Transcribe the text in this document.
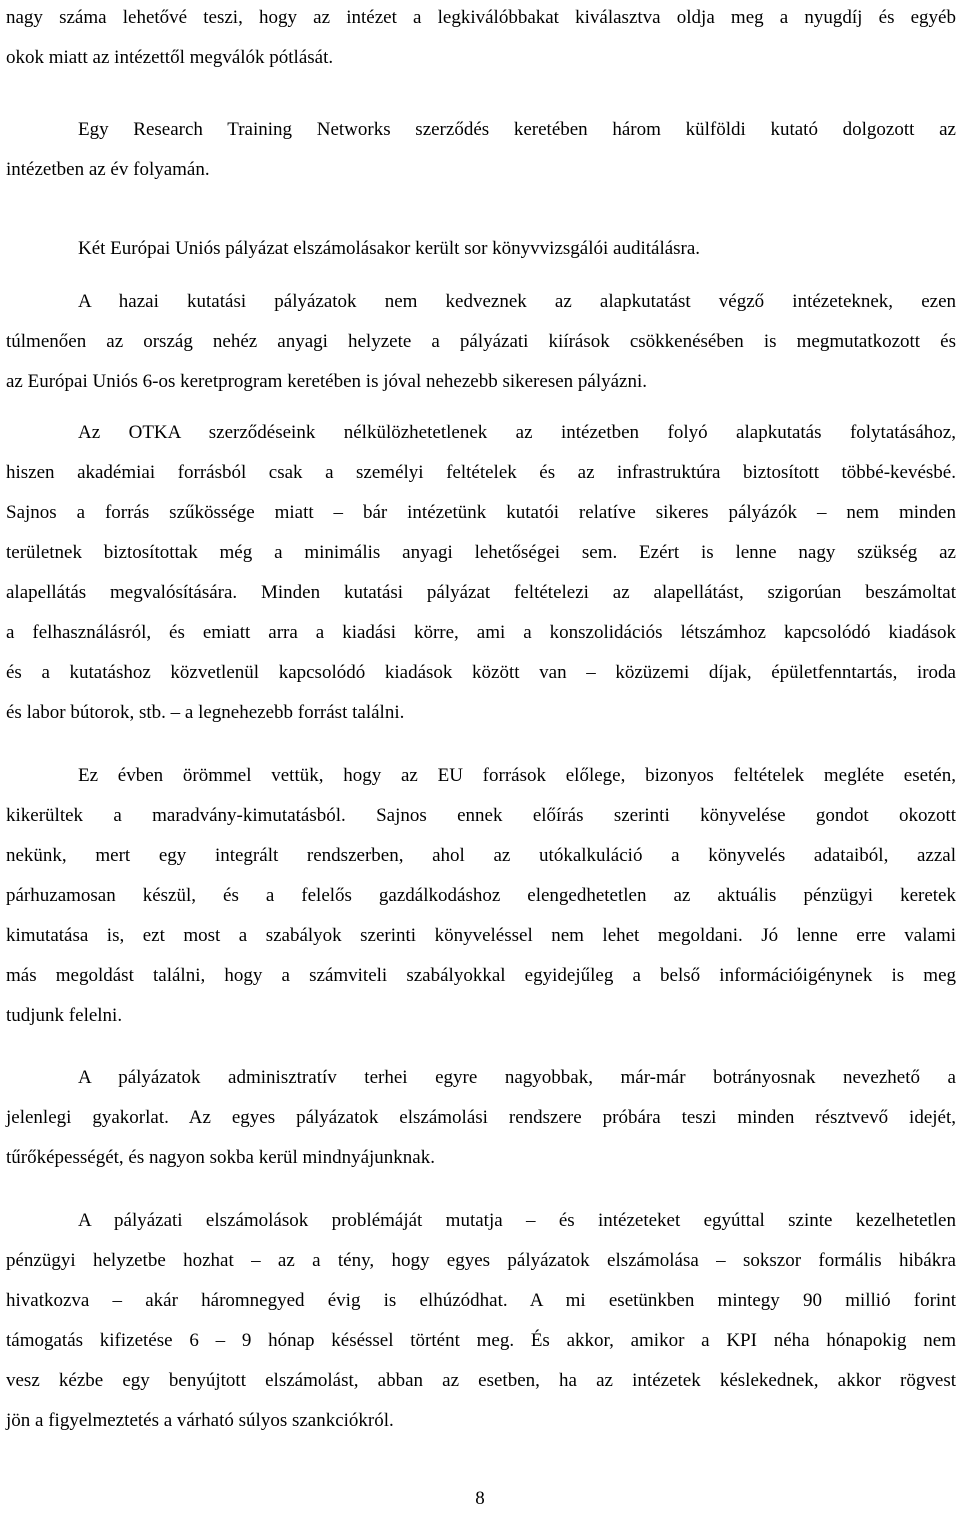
nagy száma lehetővé teszi, hogy az intézet a legkiválóbbakat kiválasztva oldja meg a nyugdíj és egyéb
okok miatt az intézettől megválók pótlását.
Egy Research Training Networks szerződés keretében három külföldi kutató dolgozott az
intézetben az év folyamán.
Két Európai Uniós pályázat elszámolásakor került sor könyvvizsgálói auditálásra.
A hazai kutatási pályázatok nem kedveznek az alapkutatást végző intézeteknek, ezen
túlmenően az ország nehéz anyagi helyzete a pályázati kiírások csökkenésében is megmutatkozott és
az Európai Uniós 6-os keretprogram keretében is jóval nehezebb sikeresen pályázni.
Az OTKA szerződéseink nélkülözhetetlenek az intézetben folyó alapkutatás folytatásához,
hiszen akadémiai forrásból csak a személyi feltételek és az infrastruktúra biztosított többé-kevésbé.
Sajnos a forrás szűkössége miatt – bár intézetünk kutatói relatíve sikeres pályázók – nem minden
területnek biztosítottak még a minimális anyagi lehetőségei sem. Ezért is lenne nagy szükség az
alapellátás megvalósítására. Minden kutatási pályázat feltételezi az alapellátást, szigorúan beszámoltat
a felhasználásról, és emiatt arra a kiadási körre, ami a konszolidációs létszámhoz kapcsolódó kiadások
és a kutatáshoz közvetlenül kapcsolódó kiadások között van – közüzemi díjak, épületfenntartás, iroda
és labor bútorok, stb. – a legnehezebb forrást találni.
Ez évben örömmel vettük, hogy az EU források előlege, bizonyos feltételek megléte esetén,
kikerültek a maradvány-kimutatásból. Sajnos ennek előírás szerinti könyvelése gondot okozott
nekünk, mert egy integrált rendszerben, ahol az utókalkuláció a könyvelés adataiból, azzal
párhuzamosan készül, és a felelős gazdálkodáshoz elengedhetetlen az aktuális pénzügyi keretek
kimutatása is, ezt most a szabályok szerinti könyveléssel nem lehet megoldani. Jó lenne erre valami
más megoldást találni, hogy a számviteli szabályokkal egyidejűleg a belső információigénynek is meg
tudjunk felelni.
A pályázatok adminisztratív terhei egyre nagyobbak, már-már botrányosnak nevezhető a
jelenlegi gyakorlat. Az egyes pályázatok elszámolási rendszere próbára teszi minden résztvevő idejét,
tűrőképességét, és nagyon sokba kerül mindnyájunknak.
A pályázati elszámolások problémáját mutatja – és intézeteket egyúttal szinte kezelhetetlen
pénzügyi helyzetbe hozhat – az a tény, hogy egyes pályázatok elszámolása – sokszor formális hibákra
hivatkozva – akár háromnegyed évig is elhúzódhat. A mi esetünkben mintegy 90 millió forint
támogatás kifizetése 6 – 9 hónap késéssel történt meg. És akkor, amikor a KPI néha hónapokig nem
vesz kézbe egy benyújtott elszámolást, abban az esetben, ha az intézetek késlekednek, akkor rögvest
jön a figyelmeztetés a várható súlyos szankciókról.
8
